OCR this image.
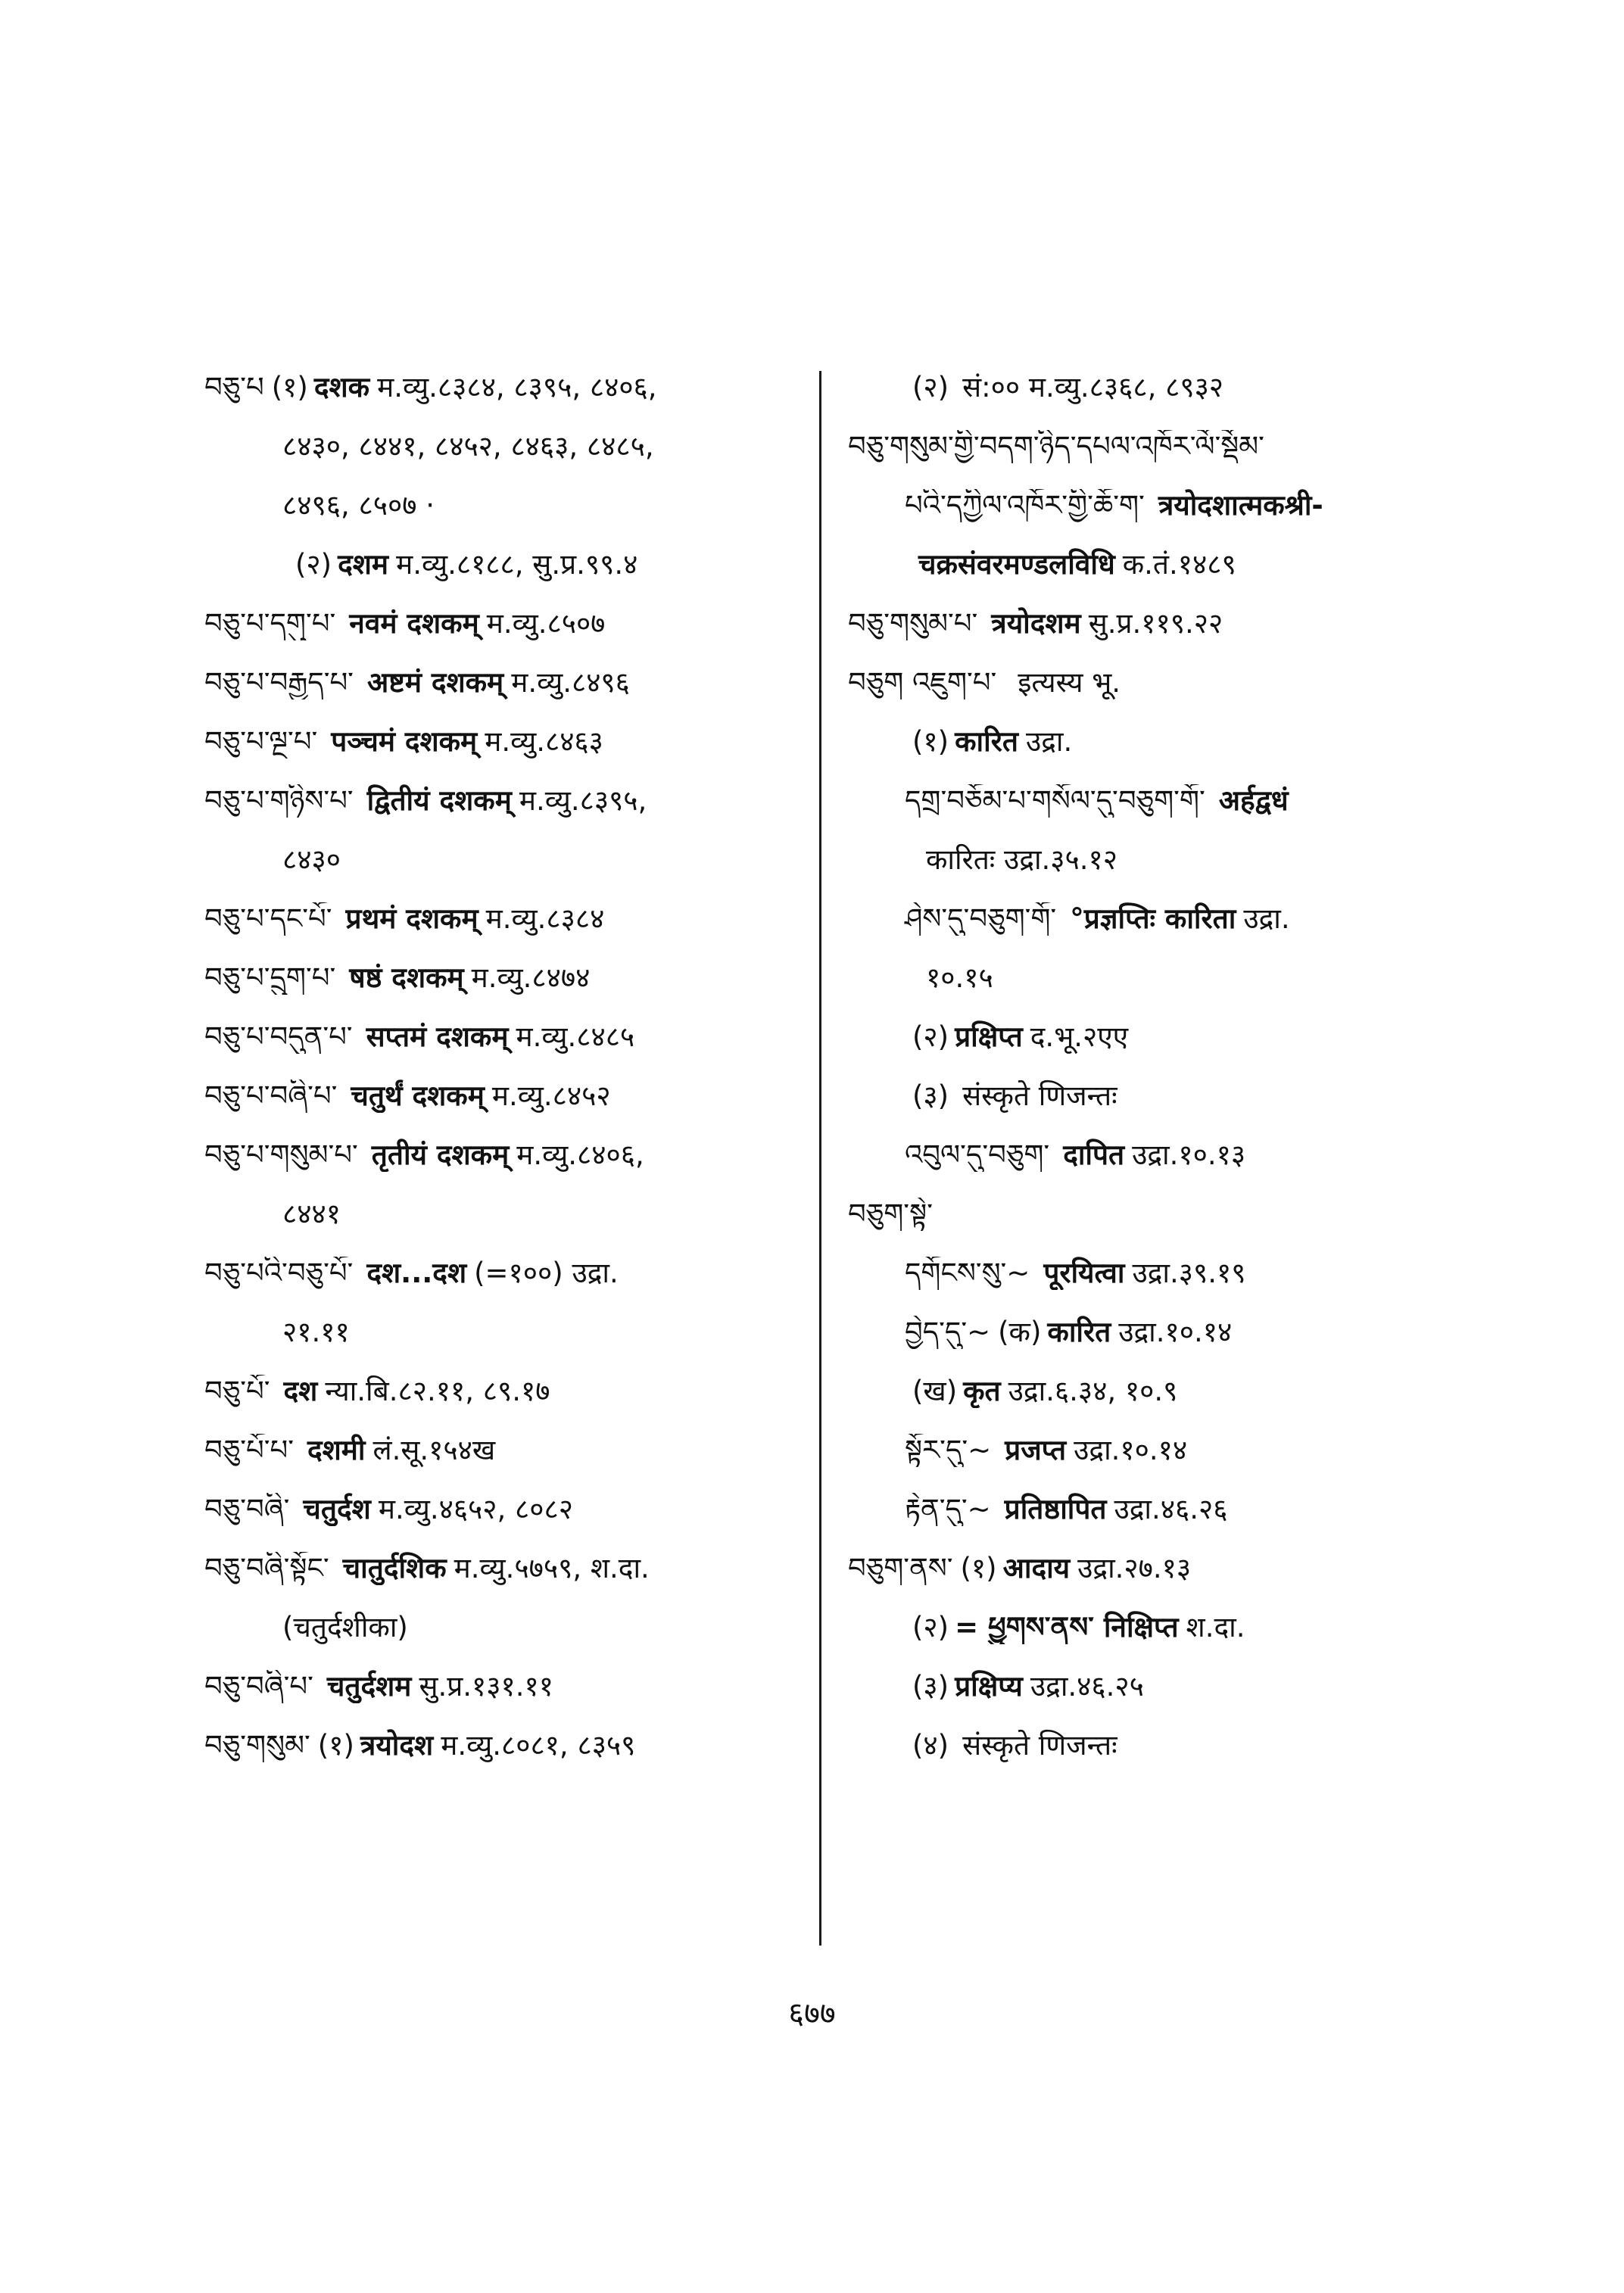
བཅུ་པ (१) दशक म.व्यु.८३८४, ८३९५, ८४०६,
८४३०, ८४४१, ८४५२, ८४६३, ८४८५,
८४९६, ८५०७ ·
(२) दशम म.व्यु.८१८८, सु.प्र.९९.४
བཅུ་པ་དགུ་པ་ नवमं दशकम् म.व्यु.८५०७
བཅུ་པ་བརྒྱད་པ་ अष्टमं दशकम् म.व्यु.८४९६
བཅུ་པ་ལྔ་པ་ पञ्चमं दशकम् म.व्यु.८४६३
བཅུ་པ་གཉིས་པ་ द्वितीयं दशकम् म.व्यु.८३९५,
८४३०
བཅུ་པ་དང་པོ་ प्रथमं दशकम् म.व्यु.८३८४
བཅུ་པ་དྲུག་པ་ षष्ठं दशकम् म.व्यु.८४७४
བཅུ་པ་བདུན་པ་ सप्तमं दशकम् म.व्यु.८४८५
བཅུ་པ་བཞི་པ་ चतुर्थं दशकम् म.व्यु.८४५२
བཅུ་པ་གསུམ་པ་ तृतीयं दशकम् म.व्यु.८४०६,
८४४१
བཅུ་པའི་བཅུ་པོ་ दश...दश (=१००) उद्रा.
२१.११
བཅུ་པོ་ दश न्या.बि.८२.११, ८९.१७
བཅུ་པོ་པ་ दशमी लं.सू.१५४ख
བཅུ་བཞི་ चतुर्दश म.व्यु.४६५२, ८०८२
བཅུ་བཞི་སྟོང་ चातुर्दशिक म.व्यु.५७५९, श.दा.
(चतुर्दशीका)
བཅུ་བཞི་པ་ चतुर्दशम सु.प्र.१३१.११
བཅུ་གསུམ་ (१) त्रयोदश म.व्यु.८०८१, ८३५९
(२) सं:०० म.व्यु.८३६८, ८९३२
བཅུ་གསུམ་གྱི་བདག་ཉིད་དཔལ་འཁོར་ལོ་སྡོམ་
པའི་དཀྱིལ་འཁོར་གྱི་ཆོ་ག་ त्रयोदशात्मकश्री-
चक्रसंवरमण्डलविधि क.तं.१४८९
བཅུ་གསུམ་པ་ त्रयोदशम सु.प्र.११९.२२
བཅུག འཇུག་པ་ इत्यस्य भू.
(१) कारित उद्रा.
དགྲ་བཅོམ་པ་གསོལ་དུ་བཅུག་གོ་ अर्हद्वधं
कारितः उद्रा.३५.१२
ཤེས་དུ་བཅུག་གོ་ °प्रज्ञप्तिः कारिता उद्रा.
१०.१५
(२) प्रक्षिप्त द.भू.२एए
(३) संस्कृते णिजन्तः
འབུལ་དུ་བཅུག་ दापित उद्रा.१०.१३
བཅུག་སྟེ་
དགོངས་སུ་~ पूरयित्वा उद्रा.३९.१९
བྱེད་དུ་~ (क) कारित उद्रा.१०.१४
(ख) कृत उद्रा.६.३४, १०.९
སྟོར་དུ་~ प्रजप्त उद्रा.१०.१४
རྟེན་དུ་~ प्रतिष्ठापित उद्रा.४६.२६
བཅུག་ནས་ (१) आदाय उद्रा.२७.१३
(२) = ཕྱུགས་ནས་ निक्षिप्त श.दा.
(३) प्रक्षिप्य उद्रा.४६.२५
(४) संस्कृते णिजन्तः
६७७
